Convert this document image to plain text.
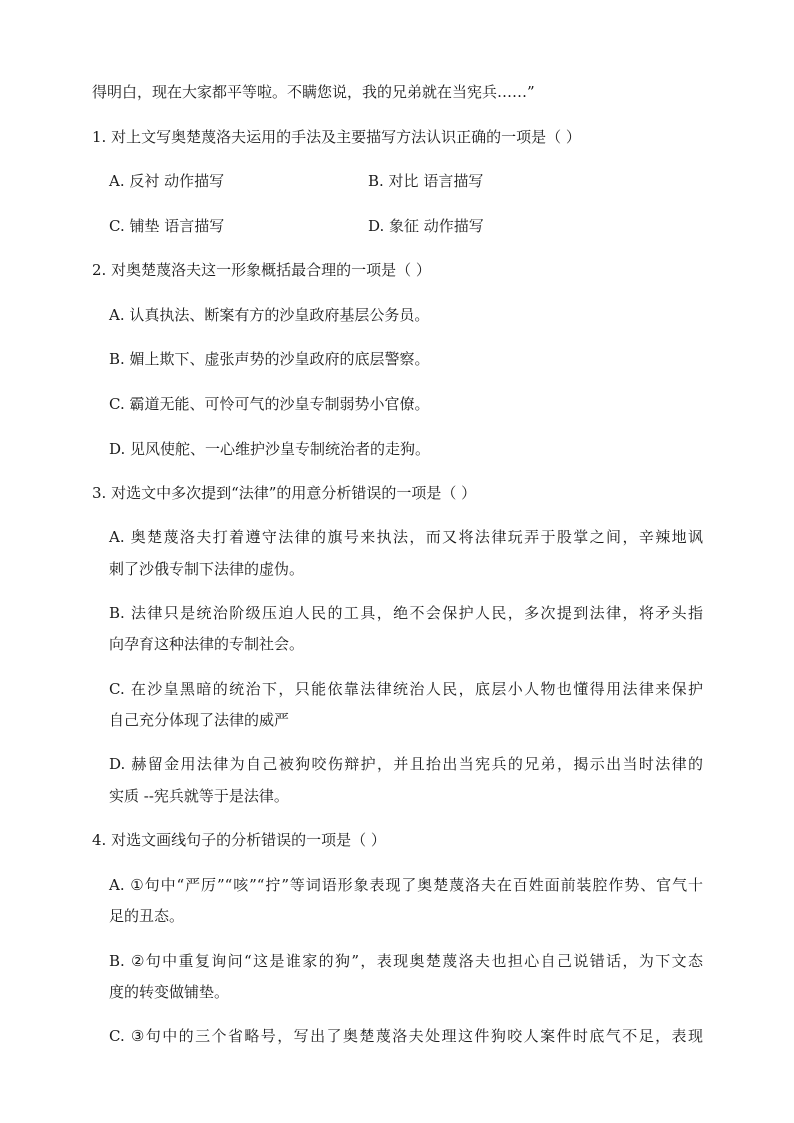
得明白，现在大家都平等啦。不瞒您说，我的兄弟就在当宪兵……”
1. 对上文写奥楚蔑洛夫运用的手法及主要描写方法认识正确的一项是（ ）
A. 反衬 动作描写	B. 对比 语言描写
C. 铺垫 语言描写	D. 象征 动作描写
2. 对奥楚蔑洛夫这一形象概括最合理的一项是（ ）
A. 认真执法、断案有方的沙皇政府基层公务员。
B. 媚上欺下、虚张声势的沙皇政府的底层警察。
C. 霸道无能、可怜可气的沙皇专制弱势小官僚。
D. 见风使舵、一心维护沙皇专制统治者的走狗。
3. 对选文中多次提到“法律”的用意分析错误的一项是（ ）
A. 奥楚蔑洛夫打着遵守法律的旗号来执法，而又将法律玩弄于股掌之间，辛辣地讽
刺了沙俄专制下法律的虚伪。
B. 法律只是统治阶级压迫人民的工具，绝不会保护人民，多次提到法律，将矛头指
向孕育这种法律的专制社会。
C. 在沙皇黑暗的统治下，只能依靠法律统治人民，底层小人物也懂得用法律来保护
自己充分体现了法律的威严
D. 赫留金用法律为自己被狗咬伤辩护，并且抬出当宪兵的兄弟，揭示出当时法律的
实质 --宪兵就等于是法律。
4. 对选文画线句子的分析错误的一项是（ ）
A. ①句中“严厉”“咳”“拧”等词语形象表现了奥楚蔑洛夫在百姓面前装腔作势、官气十
足的丑态。
B. ②句中重复询问“这是谁家的狗”，表现奥楚蔑洛夫也担心自己说错话，为下文态
度的转变做铺垫。
C. ③句中的三个省略号，写出了奥楚蔑洛夫处理这件狗咬人案件时底气不足，表现
